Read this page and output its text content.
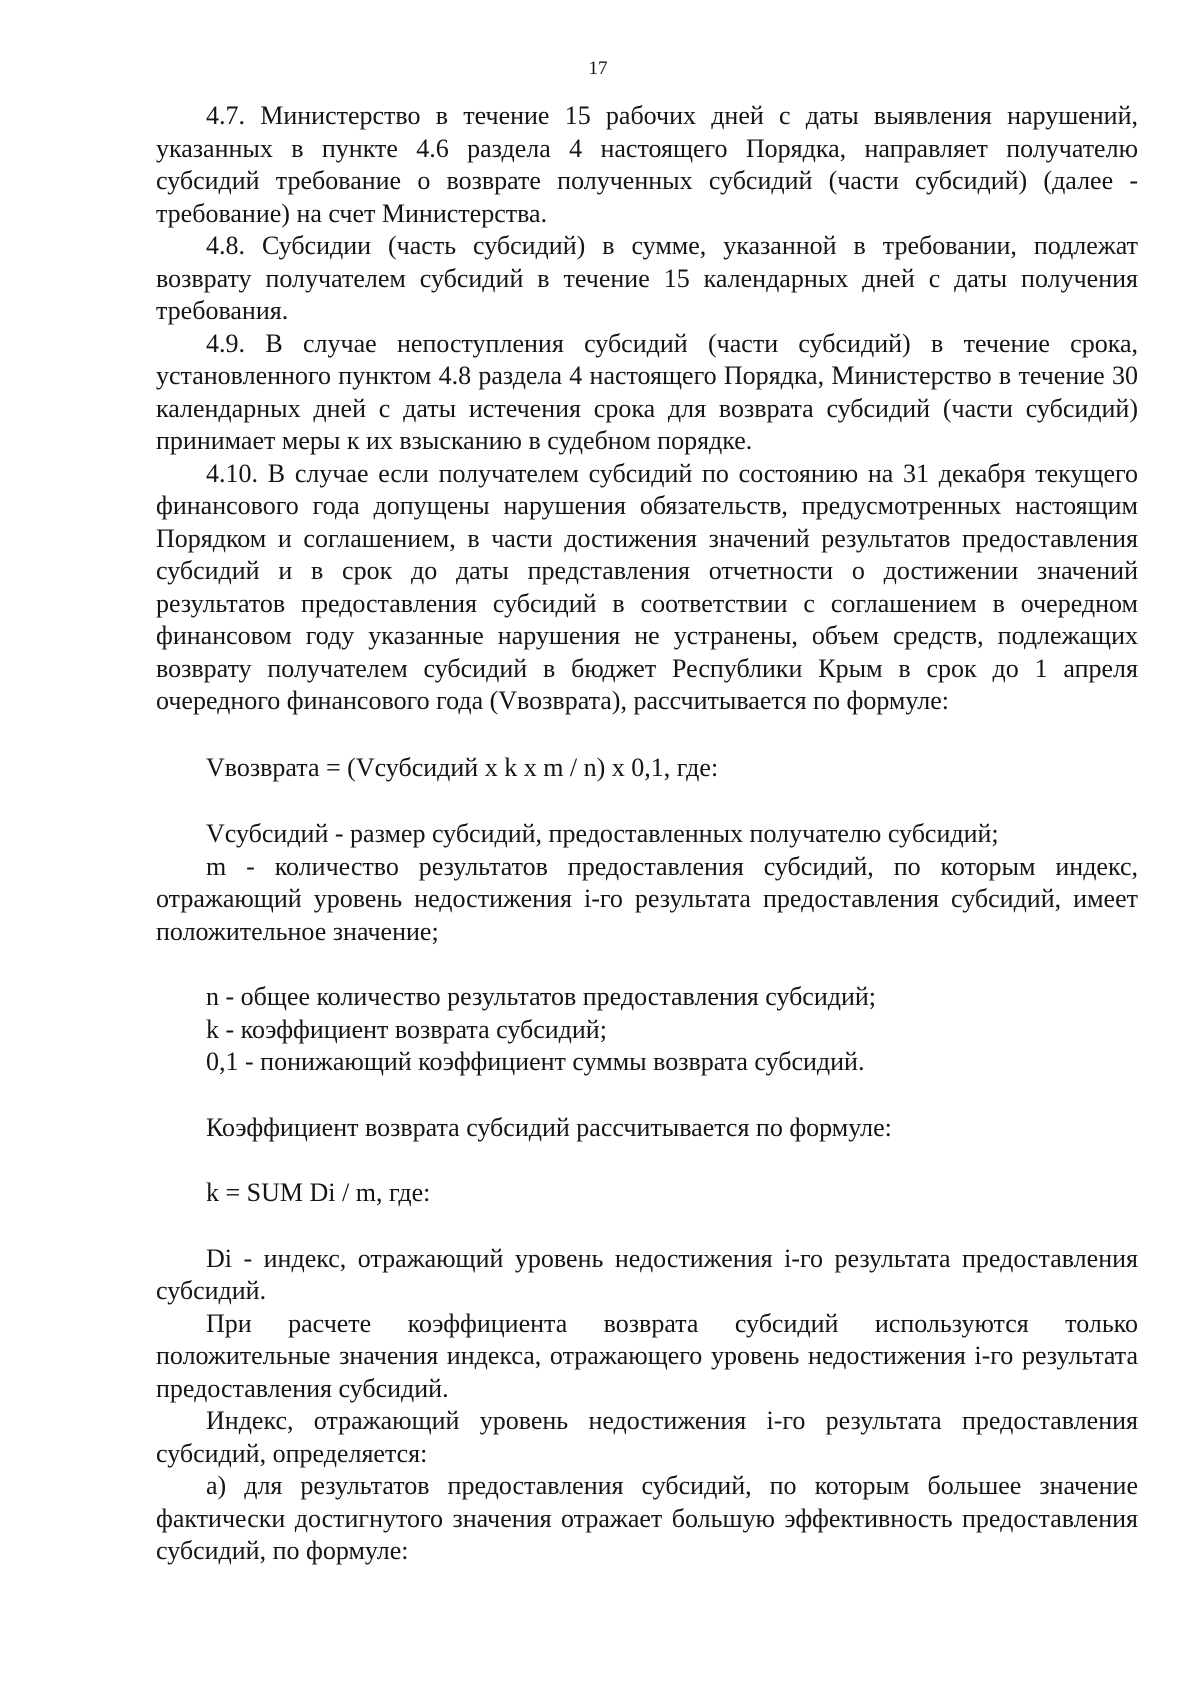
17

4.7. Министерство в течение 15 рабочих дней с даты выявления нарушений, указанных в пункте 4.6 раздела 4 настоящего Порядка, направляет получателю субсидий требование о возврате полученных субсидий (части субсидий) (далее - требование) на счет Министерства.

4.8. Субсидии (часть субсидий) в сумме, указанной в требовании, подлежат возврату получателем субсидий в течение 15 календарных дней с даты получения требования.

4.9. В случае непоступления субсидий (части субсидий) в течение срока, установленного пунктом 4.8 раздела 4 настоящего Порядка, Министерство в течение 30 календарных дней с даты истечения срока для возврата субсидий (части субсидий) принимает меры к их взысканию в судебном порядке.

4.10. В случае если получателем субсидий по состоянию на 31 декабря текущего финансового года допущены нарушения обязательств, предусмотренных настоящим Порядком и соглашением, в части достижения значений результатов предоставления субсидий и в срок до даты представления отчетности о достижении значений результатов предоставления субсидий в соответствии с соглашением в очередном финансовом году указанные нарушения не устранены, объем средств, подлежащих возврату получателем субсидий в бюджет Республики Крым в срок до 1 апреля очередного финансового года (Vвозврата), рассчитывается по формуле:

Vвозврата = (Vсубсидий х k х m / n) х 0,1, где:

Vсубсидий - размер субсидий, предоставленных получателю субсидий;

m - количество результатов предоставления субсидий, по которым индекс, отражающий уровень недостижения i-го результата предоставления субсидий, имеет положительное значение;

n - общее количество результатов предоставления субсидий;

k - коэффициент возврата субсидий;

0,1 - понижающий коэффициент суммы возврата субсидий.

Коэффициент возврата субсидий рассчитывается по формуле:

k = SUM Di / m, где:

Di - индекс, отражающий уровень недостижения i-го результата предоставления субсидий.

При расчете коэффициента возврата субсидий используются только положительные значения индекса, отражающего уровень недостижения i-го результата предоставления субсидий.

Индекс, отражающий уровень недостижения i-го результата предоставления субсидий, определяется:

а) для результатов предоставления субсидий, по которым большее значение фактически достигнутого значения отражает большую эффективность предоставления субсидий, по формуле:
